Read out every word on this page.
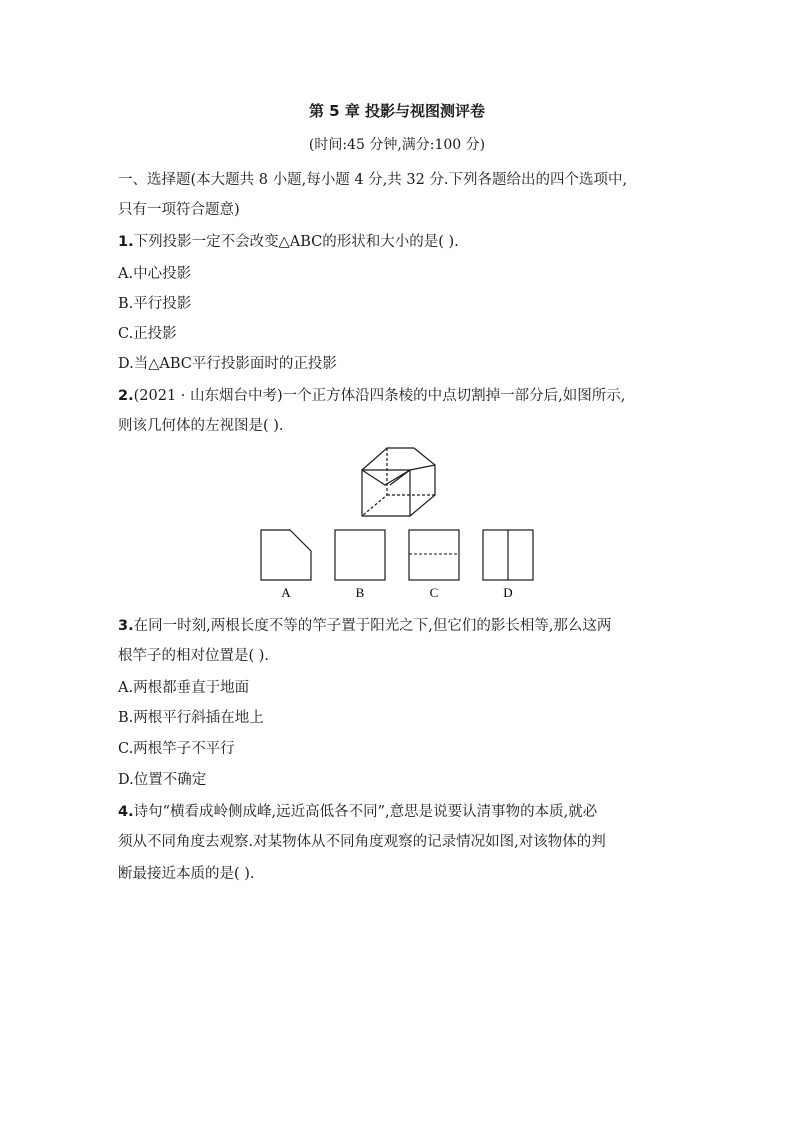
第 5 章 投影与视图测评卷
(时间:45 分钟,满分:100 分)
一、选择题(本大题共 8 小题,每小题 4 分,共 32 分.下列各题给出的四个选项中,
只有一项符合题意)
1.下列投影一定不会改变△ABC的形状和大小的是( ).
A.中心投影
B.平行投影
C.正投影
D.当△ABC平行投影面时的正投影
2.(2021 · 山东烟台中考)一个正方体沿四条棱的中点切割掉一部分后,如图所示,
则该几何体的左视图是( ).
A	B	C	D
3.在同一时刻,两根长度不等的竿子置于阳光之下,但它们的影长相等,那么这两
根竿子的相对位置是( ).
A.两根都垂直于地面
B.两根平行斜插在地上
C.两根竿子不平行
D.位置不确定
4.诗句“横看成岭侧成峰,远近高低各不同”,意思是说要认清事物的本质,就必
须从不同角度去观察.对某物体从不同角度观察的记录情况如图,对该物体的判
断最接近本质的是( ).
